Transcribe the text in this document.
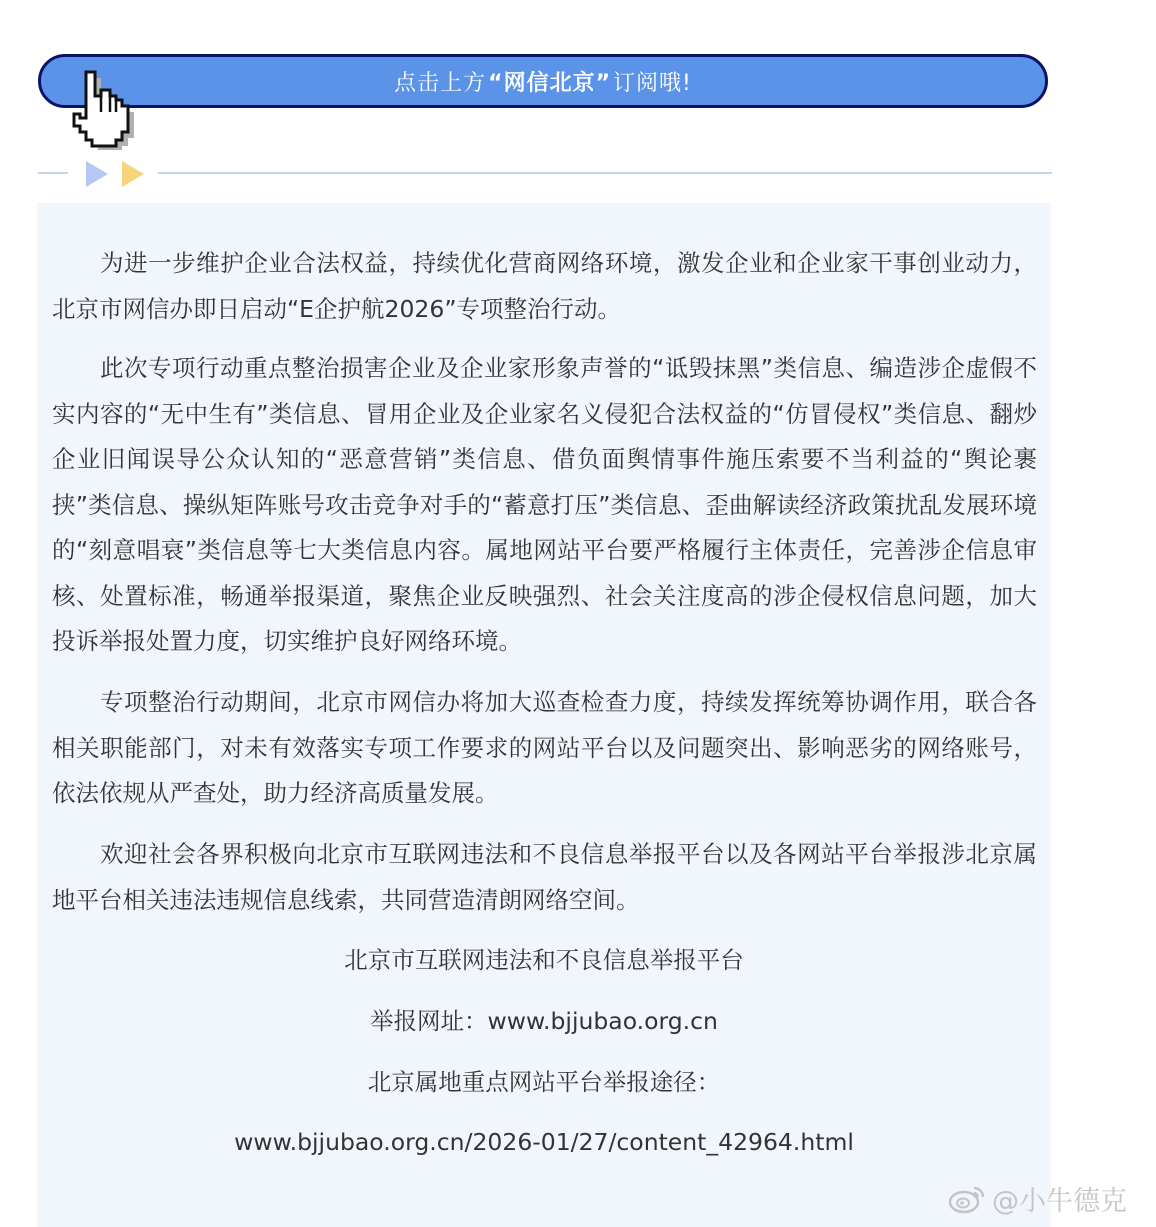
点击上方 “网信北京” 订阅哦!

为进一步维护企业合法权益，持续优化营商网络环境，激发企业和企业家干事创业动力，北京市网信办即日启动“E企护航2026”专项整治行动。

此次专项行动重点整治损害企业及企业家形象声誉的“诋毁抹黑”类信息、编造涉企虚假不实内容的“无中生有”类信息、冒用企业及企业家名义侵犯合法权益的“仿冒侵权”类信息、翻炒企业旧闻误导公众认知的“恶意营销”类信息、借负面舆情事件施压索要不当利益的“舆论裹挟”类信息、操纵矩阵账号攻击竞争对手的“蓄意打压”类信息、歪曲解读经济政策扰乱发展环境的“刻意唱衰”类信息等七大类信息内容。属地网站平台要严格履行主体责任，完善涉企信息审核、处置标准，畅通举报渠道，聚焦企业反映强烈、社会关注度高的涉企侵权信息问题，加大投诉举报处置力度，切实维护良好网络环境。

专项整治行动期间，北京市网信办将加大巡查检查力度，持续发挥统筹协调作用，联合各相关职能部门，对未有效落实专项工作要求的网站平台以及问题突出、影响恶劣的网络账号，依法依规从严查处，助力经济高质量发展。

欢迎社会各界积极向北京市互联网违法和不良信息举报平台以及各网站平台举报涉北京属地平台相关违法违规信息线索，共同营造清朗网络空间。

北京市互联网违法和不良信息举报平台
举报网址：www.bjjubao.org.cn
北京属地重点网站平台举报途径：
www.bjjubao.org.cn/2026-01/27/content_42964.html
@小牛德克
